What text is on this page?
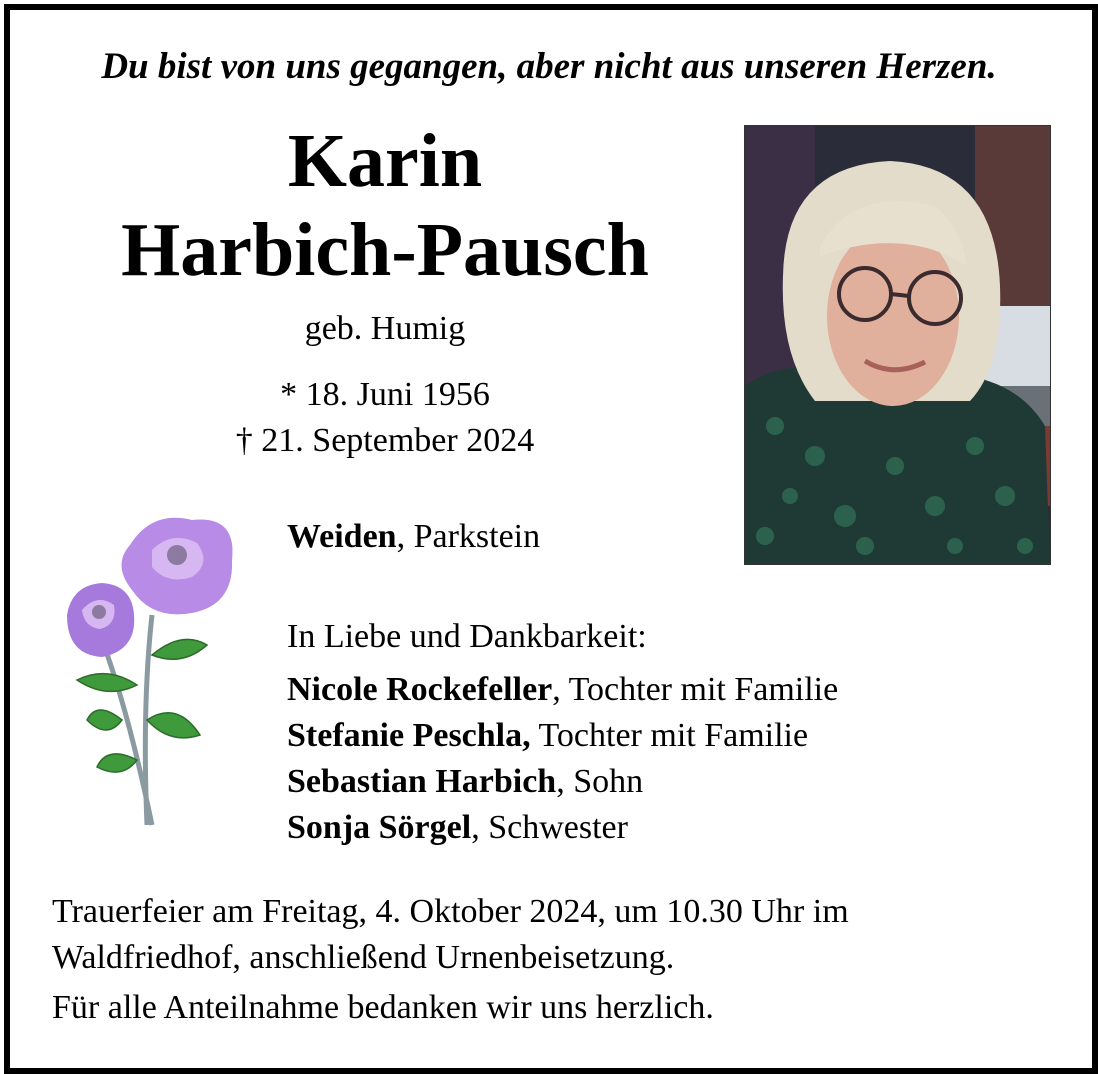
Du bist von uns gegangen, aber nicht aus unseren Herzen.
Karin
Harbich-Pausch
geb. Humig
* 18. Juni 1956
† 21. September 2024
Weiden, Parkstein
In Liebe und Dankbarkeit:
Nicole Rockefeller, Tochter mit Familie
Stefanie Peschla, Tochter mit Familie
Sebastian Harbich, Sohn
Sonja Sörgel, Schwester
Trauerfeier am Freitag, 4. Oktober 2024, um 10.30 Uhr im
Waldfriedhof, anschließend Urnenbeisetzung.
Für alle Anteilnahme bedanken wir uns herzlich.
